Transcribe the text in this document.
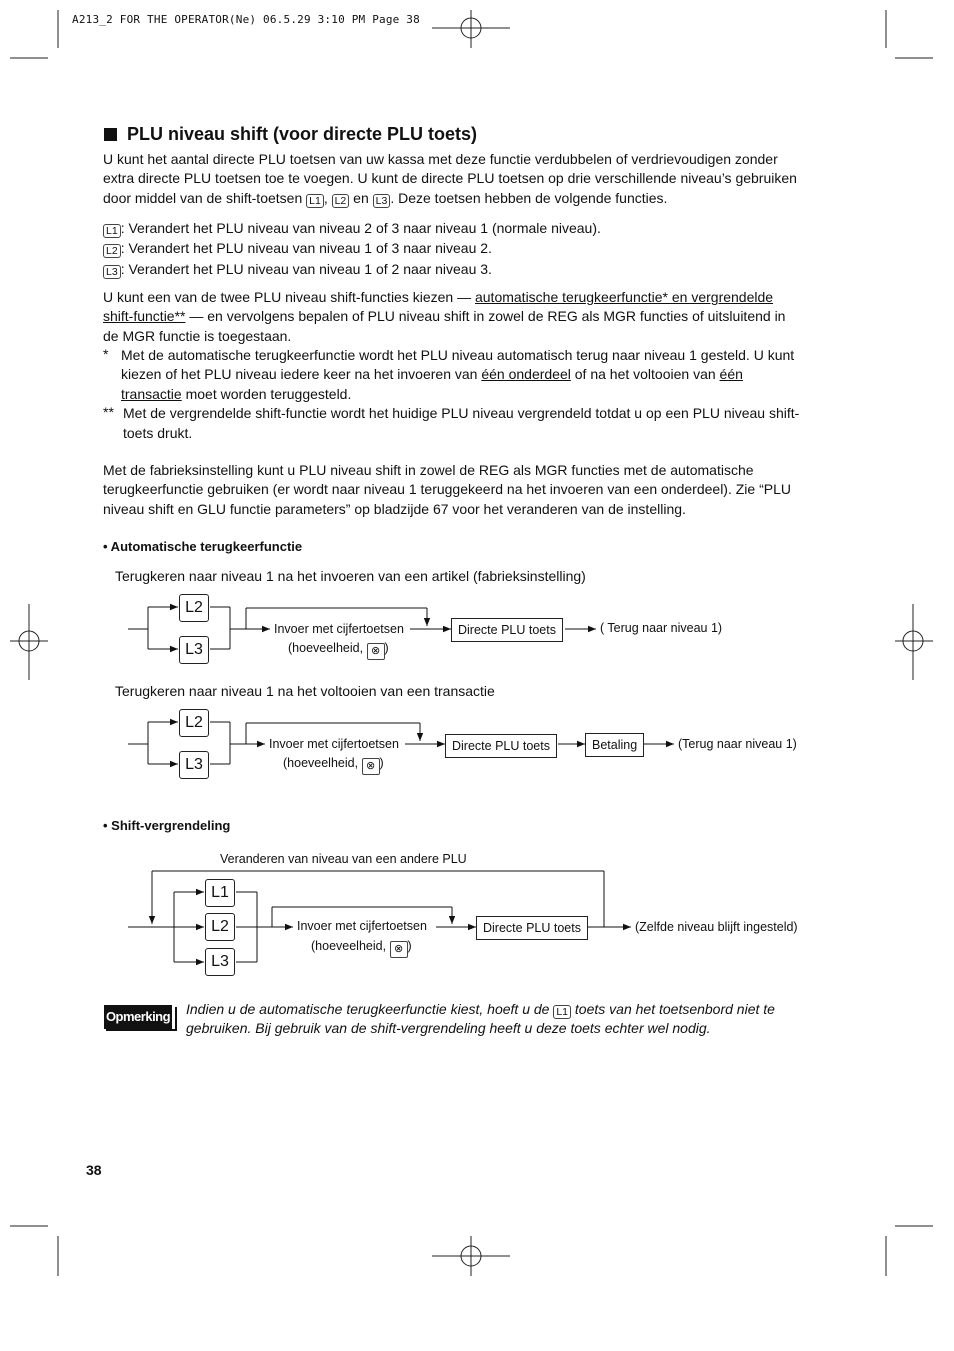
A213_2 FOR THE OPERATOR(Ne) 06.5.29 3:10 PM Page 38
PLU niveau shift (voor directe PLU toets)

U kunt het aantal directe PLU toetsen van uw kassa met deze functie verdubbelen of verdrievoudigen zonder

extra directe PLU toetsen toe te voegen. U kunt de directe PLU toetsen op drie verschillende niveau’s gebruiken

door middel van de shift-toetsen L1 , L2 en L3 . Deze toetsen hebben de volgende functies.

L1 : Verandert het PLU niveau van niveau 2 of 3 naar niveau 1 (normale niveau).

L2 : Verandert het PLU niveau van niveau 1 of 3 naar niveau 2.

L3 : Verandert het PLU niveau van niveau 1 of 2 naar niveau 3.

U kunt een van de twee PLU niveau shift-functies kiezen — automatische terugkeerfunctie* en vergrendelde

shift-functie** — en vervolgens bepalen of PLU niveau shift in zowel de REG als MGR functies of uitsluitend in

de MGR functie is toegestaan.

* Met de automatische terugkeerfunctie wordt het PLU niveau automatisch terug naar niveau 1 gesteld. U kunt

kiezen of het PLU niveau iedere keer na het invoeren van één onderdeel of na het voltooien van één

transactie moet worden teruggesteld.

** Met de vergrendelde shift-functie wordt het huidige PLU niveau vergrendeld totdat u op een PLU niveau shift-

toets drukt.

Met de fabrieksinstelling kunt u PLU niveau shift in zowel de REG als MGR functies met de automatische

terugkeerfunctie gebruiken (er wordt naar niveau 1 teruggekeerd na het invoeren van een onderdeel). Zie “PLU

niveau shift en GLU functie parameters” op bladzijde 67 voor het veranderen van de instelling.

• Automatische terugkeerfunctie
Terugkeren naar niveau 1 na het invoeren van een artikel (fabrieksinstelling)
L2
L3
Invoer met cijfertoetsen
(hoeveelheid, ⊗ )
Directe PLU toets	( Terug naar niveau 1)
Terugkeren naar niveau 1 na het voltooien van een transactie
L2
L3
Invoer met cijfertoetsen
(hoeveelheid, ⊗ )
Directe PLU toets	Betaling	(Terug naar niveau 1)
• Shift-vergrendeling
Veranderen van niveau van een andere PLU
L1
L2
L3
Invoer met cijfertoetsen
(hoeveelheid, ⊗ )
Directe PLU toets	(Zelfde niveau blijft ingesteld)
Opmerking	Indien u de automatische terugkeerfunctie kiest, hoeft u de L1 toets van het toetsenbord niet te
gebruiken. Bij gebruik van de shift-vergrendeling heeft u deze toets echter wel nodig.
38
